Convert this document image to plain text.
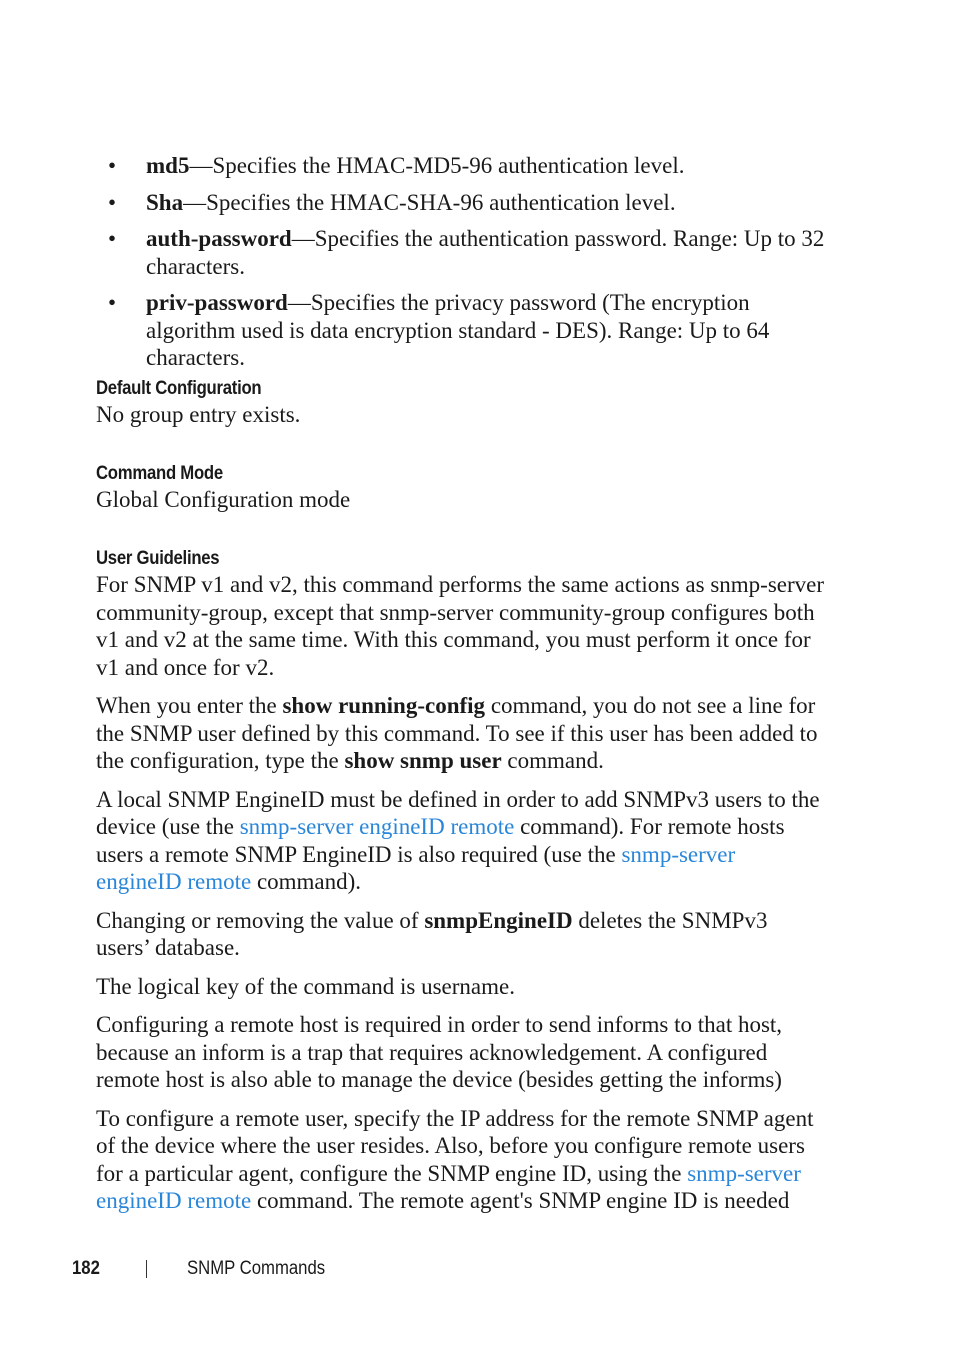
• md5—Specifies the HMAC-MD5-96 authentication level.
• Sha—Specifies the HMAC-SHA-96 authentication level.
• auth-password—Specifies the authentication password. Range: Up to 32 characters.
• priv-password—Specifies the privacy password (The encryption algorithm used is data encryption standard - DES). Range: Up to 64 characters.
Default Configuration
No group entry exists.
Command Mode
Global Configuration mode
User Guidelines

For SNMP v1 and v2, this command performs the same actions as snmp-server community-group, except that snmp-server community-group configures both v1 and v2 at the same time. With this command, you must perform it once for v1 and once for v2.

When you enter the show running-config command, you do not see a line for the SNMP user defined by this command. To see if this user has been added to the configuration, type the show snmp user command.

A local SNMP EngineID must be defined in order to add SNMPv3 users to the device (use the snmp-server engineID remote command). For remote hosts users a remote SNMP EngineID is also required (use the snmp-server engineID remote command).

Changing or removing the value of snmpEngineID deletes the SNMPv3 users’ database.

The logical key of the command is username.

Configuring a remote host is required in order to send informs to that host, because an inform is a trap that requires acknowledgement. A configured remote host is also able to manage the device (besides getting the informs)

To configure a remote user, specify the IP address for the remote SNMP agent of the device where the user resides. Also, before you configure remote users for a particular agent, configure the SNMP engine ID, using the snmp-server engineID remote command. The remote agent's SNMP engine ID is needed

182	SNMP Commands
